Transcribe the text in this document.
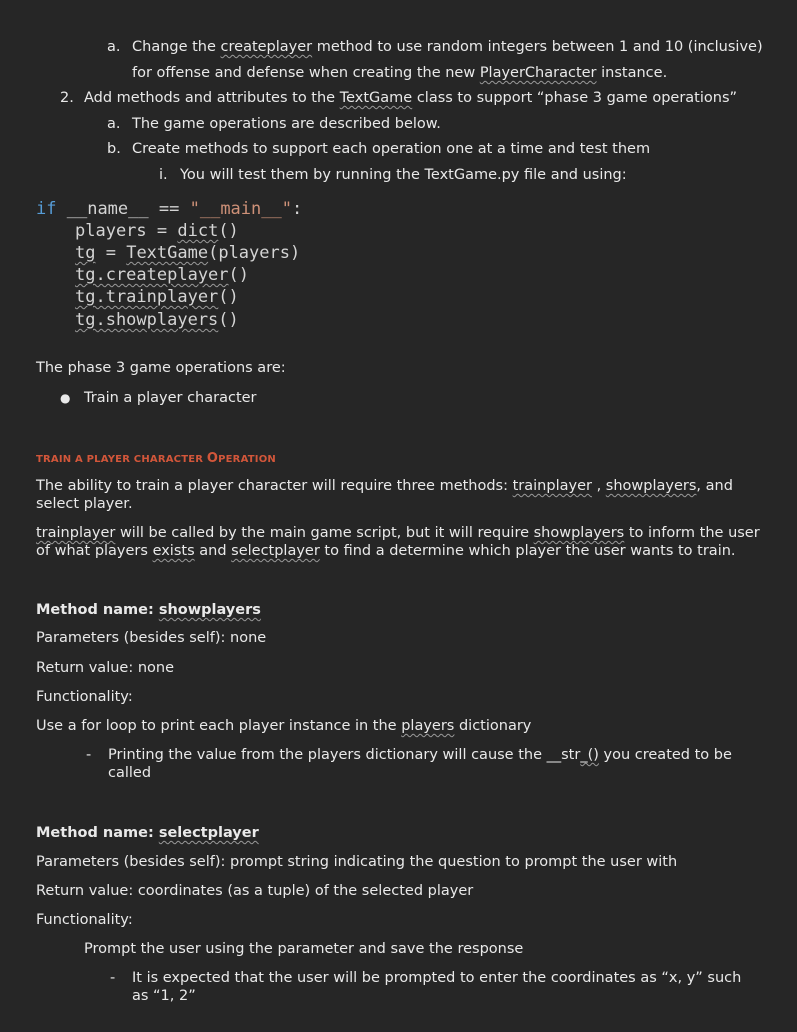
a. Change the createplayer method to use random integers between 1 and 10 (inclusive)
for offense and defense when creating the new PlayerCharacter instance.
2. Add methods and attributes to the TextGame class to support “phase 3 game operations”
a. The game operations are described below.
b. Create methods to support each operation one at a time and test them
i. You will test them by running the TextGame.py file and using:
if __name__ == "__main__":
players = dict()
tg = TextGame(players)
tg.createplayer()
tg.trainplayer()
tg.showplayers()
The phase 3 game operations are:
● Train a player character
TRAIN A PLAYER CHARACTER OPERATION
The ability to train a player character will require three methods: trainplayer , showplayers, and select player.
trainplayer will be called by the main game script, but it will require showplayers to inform the user of what players exists and selectplayer to find a determine which player the user wants to train.
Method name: showplayers
Parameters (besides self): none
Return value: none
Functionality:
Use a for loop to print each player instance in the players dictionary
- Printing the value from the players dictionary will cause the __str_() you created to be called
Method name: selectplayer
Parameters (besides self): prompt string indicating the question to prompt the user with
Return value: coordinates (as a tuple) of the selected player
Functionality:
Prompt the user using the parameter and save the response
- It is expected that the user will be prompted to enter the coordinates as “x, y” such as “1, 2”
